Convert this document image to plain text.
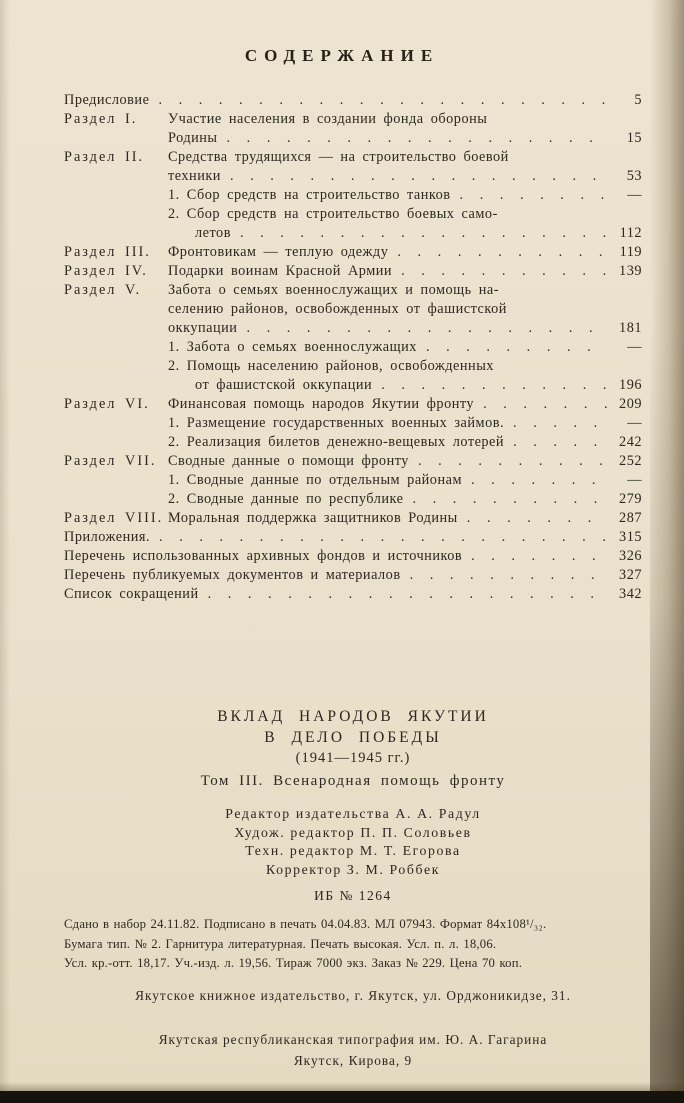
СОДЕРЖАНИЕ
Предисловие . . .	5
Раздел I.	Участие населения в создании фонда обороны
Родины . . .	15
Раздел II.	Средства трудящихся — на строительство боевой
техники . . .	53
1. Сбор средств на строительство танков . . .	—
2. Сбор средств на строительство боевых само-
летов . . .	112
Раздел III.	Фронтовикам — теплую одежду . . .	119
Раздел IV.	Подарки воинам Красной Армии . . .	139
Раздел V.	Забота о семьях военнослужащих и помощь на-
селению районов, освобожденных от фашистской
оккупации . . .	181
1. Забота о семьях военнослужащих . . .	—
2. Помощь населению районов, освобожденных
от фашистской оккупации . . .	196
Раздел VI.	Финансовая помощь народов Якутии фронту . . .	209
1. Размещение государственных военных займов. . . .	—
2. Реализация билетов денежно-вещевых лотерей . . .	242
Раздел VII. Сводные данные о помощи фронту . . .	252
1. Сводные данные по отдельным районам . . .	—
2. Сводные данные по республике . . .	279
Раздел VIII. Моральная поддержка защитников Родины . . .	287
Приложения. . . .	315
Перечень использованных архивных фондов и источников . . .	326
Перечень публикуемых документов и материалов . . .	327
Список сокращений . . .	342
ВКЛАД НАРОДОВ ЯКУТИИ
В ДЕЛО ПОБЕДЫ
(1941—1945 гг.)
Том III. Всенародная помощь фронту
Редактор издательства А. А. Радул
Худож. редактор П. П. Соловьев
Техн. редактор М. Т. Егорова
Корректор З. М. Роббек
ИБ № 1264
Сдано в набор 24.11.82. Подписано в печать 04.04.83. МЛ 07943. Формат 84х108¹/₃₂.
Бумага тип. № 2. Гарнитура литературная. Печать высокая. Усл. п. л. 18,06.
Усл. кр.-отт. 18,17. Уч.-изд. л. 19,56. Тираж 7000 экз. Заказ № 229. Цена 70 коп.
Якутское книжное издательство, г. Якутск, ул. Орджоникидзе, 31.
Якутская республиканская типография им. Ю. А. Гагарина
Якутск, Кирова, 9
